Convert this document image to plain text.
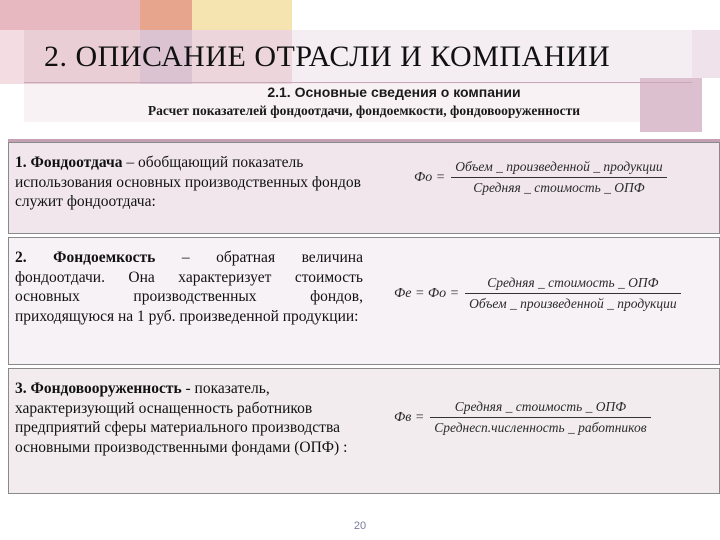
2. ОПИСАНИЕ ОТРАСЛИ И КОМПАНИИ
2.1. Основные сведения о компании
Расчет показателей фондоотдачи, фондоемкости, фондовооруженности
1. Фондоотдача – обобщающий показатель использования основных производственных фондов служит фондоотдача:
Фо = $\frac{\text{Объем \_ произведенной \_ продукции}}{\text{Средняя \_ стоимость \_ ОПФ}}$
2. Фондоемкость – обратная величина фондоотдачи. Она характеризует стоимость основных производственных фондов, приходящуюся на 1 руб. произведенной продукции:
Фе = Фо = $\frac{\text{Средняя \_ стоимость \_ ОПФ}}{\text{Объем \_ произведенной \_ продукции}}$
3. Фондовооруженность - показатель, характеризующий оснащенность работников предприятий сферы материального производства основными производственными фондами (ОПФ) :
Фв = $\frac{\text{Средняя \_ стоимость \_ ОПФ}}{\text{Среднесп.численность \_ работников}}$
20
